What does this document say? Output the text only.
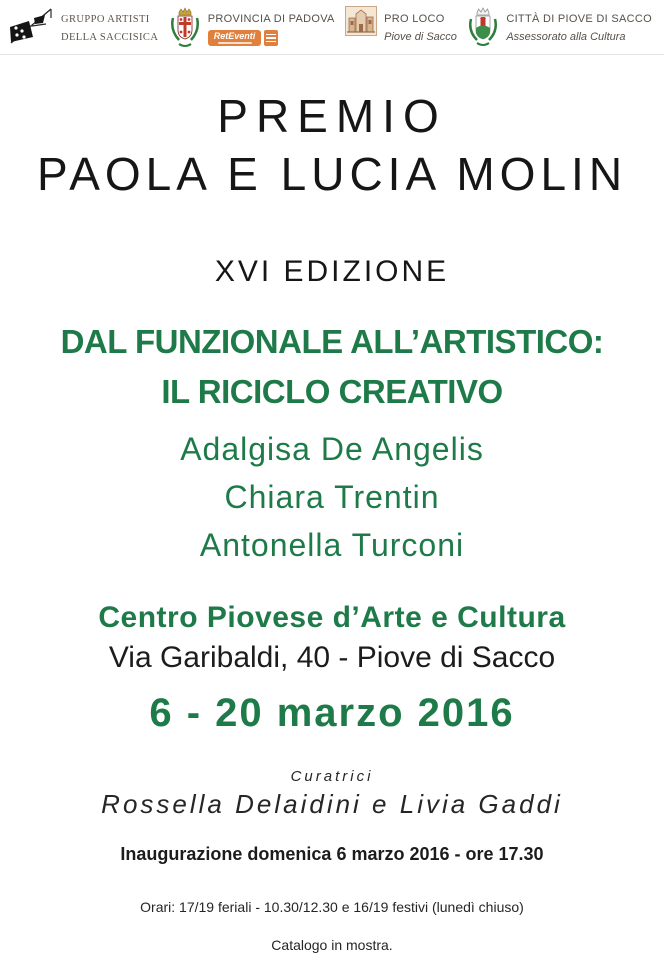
GRUPPO ARTISTI
DELLA SACCISICA
PROVINCIA DI PADOVA
RetEventi
PRO LOCO
Piove di Sacco
CITTÀ DI PIOVE DI SACCO
Assessorato alla Cultura
PREMIO
PAOLA E LUCIA MOLIN
XVI EDIZIONE
DAL FUNZIONALE ALL’ARTISTICO:
IL RICICLO CREATIVO
Adalgisa De Angelis
Chiara Trentin
Antonella Turconi
Centro Piovese d’Arte e Cultura
Via Garibaldi, 40 - Piove di Sacco
6 - 20 marzo 2016
Curatrici
Rossella Delaidini e Livia Gaddi
Inaugurazione domenica 6 marzo 2016 - ore 17.30
Orari: 17/19 feriali - 10.30/12.30 e 16/19 festivi (lunedì chiuso)
Catalogo in mostra.
